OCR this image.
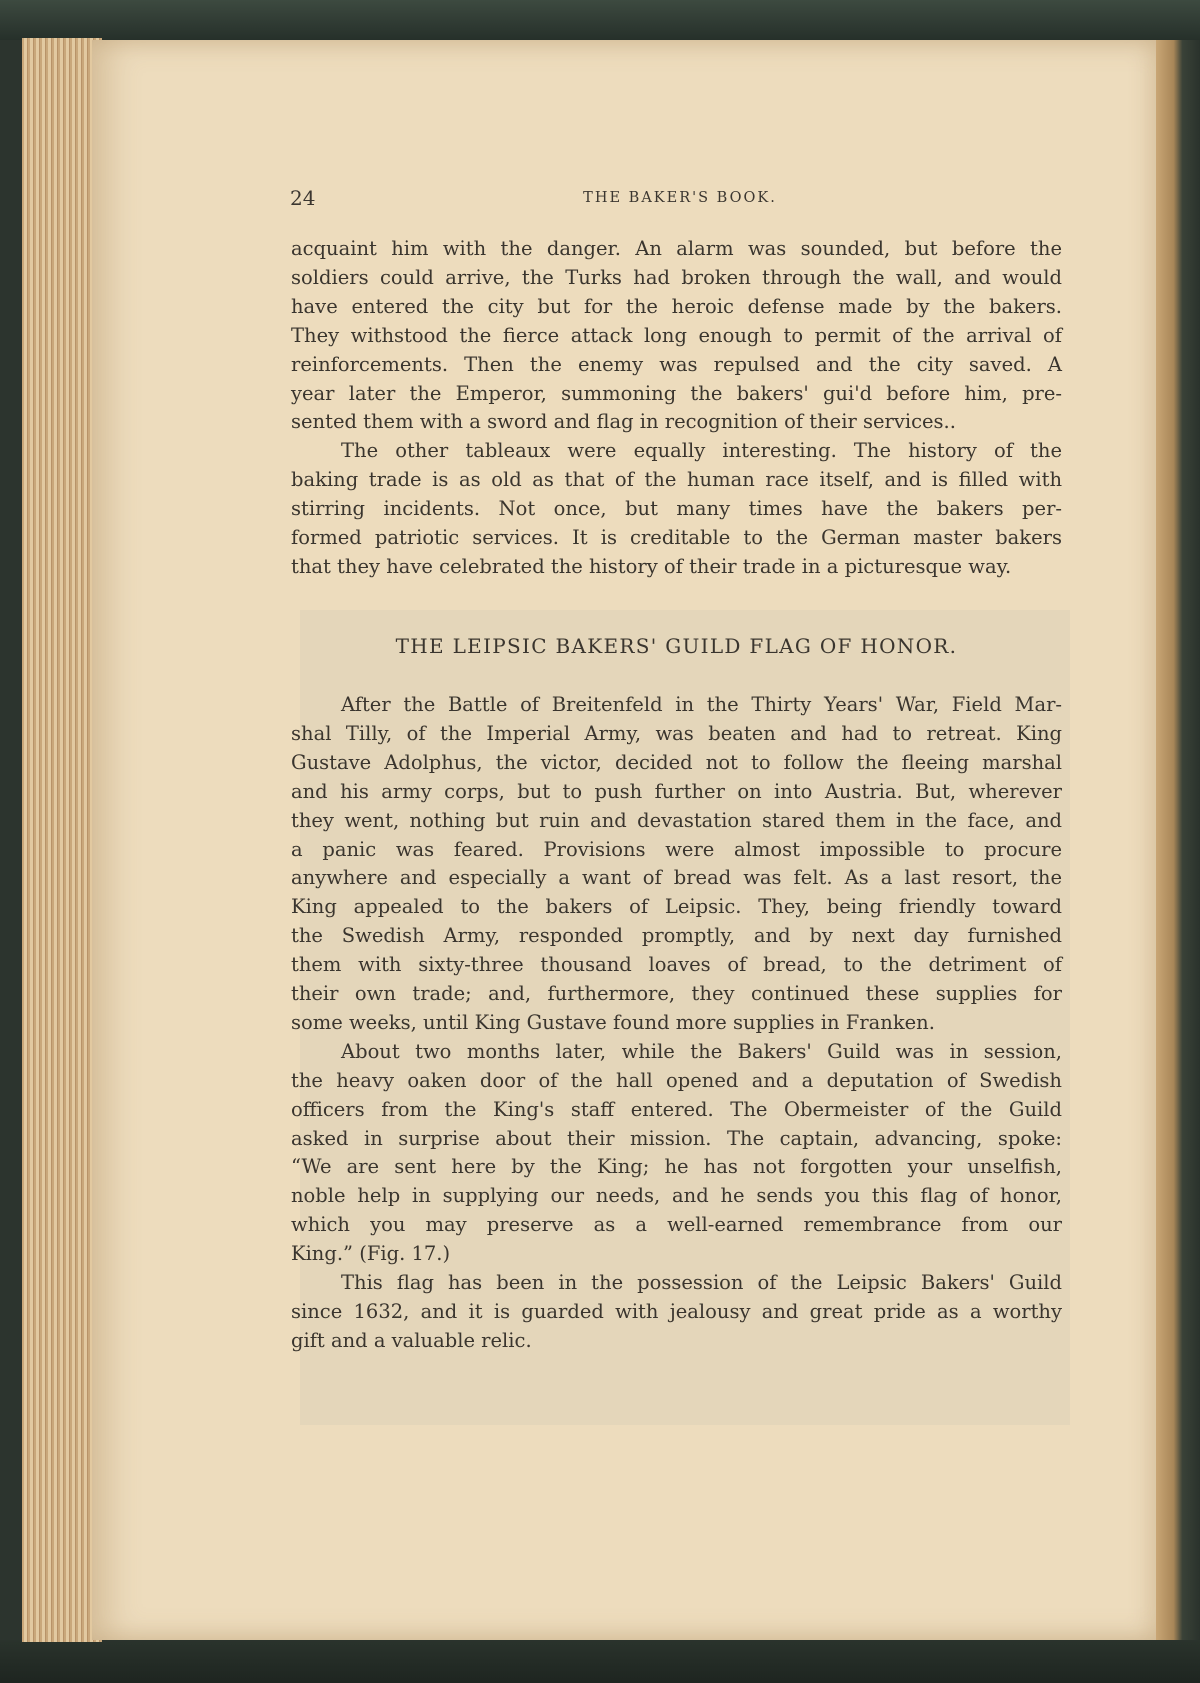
24	THE BAKER'S BOOK.
THE LEIPSIC BAKERS' GUILD FLAG OF HONOR.
acquaint him with the danger. An alarm was sounded, but before the
soldiers could arrive, the Turks had broken through the wall, and would
have entered the city but for the heroic defense made by the bakers.
They withstood the fierce attack long enough to permit of the arrival of
reinforcements. Then the enemy was repulsed and the city saved. A
year later the Emperor, summoning the bakers' gui'd before him, pre-
sented them with a sword and flag in recognition of their services..
The other tableaux were equally interesting. The history of the
baking trade is as old as that of the human race itself, and is filled with
stirring incidents. Not once, but many times have the bakers per-
formed patriotic services. It is creditable to the German master bakers
that they have celebrated the history of their trade in a picturesque way.
After the Battle of Breitenfeld in the Thirty Years' War, Field Mar-
shal Tilly, of the Imperial Army, was beaten and had to retreat. King
Gustave Adolphus, the victor, decided not to follow the fleeing marshal
and his army corps, but to push further on into Austria. But, wherever
they went, nothing but ruin and devastation stared them in the face, and
a panic was feared. Provisions were almost impossible to procure
anywhere and especially a want of bread was felt. As a last resort, the
King appealed to the bakers of Leipsic. They, being friendly toward
the Swedish Army, responded promptly, and by next day furnished
them with sixty-three thousand loaves of bread, to the detriment of
their own trade; and, furthermore, they continued these supplies for
some weeks, until King Gustave found more supplies in Franken.
About two months later, while the Bakers' Guild was in session,
the heavy oaken door of the hall opened and a deputation of Swedish
officers from the King's staff entered. The Obermeister of the Guild
asked in surprise about their mission. The captain, advancing, spoke:
“We are sent here by the King; he has not forgotten your unselfish,
noble help in supplying our needs, and he sends you this flag of honor,
which you may preserve as a well-earned remembrance from our
King.” (Fig. 17.)
This flag has been in the possession of the Leipsic Bakers' Guild
since 1632, and it is guarded with jealousy and great pride as a worthy
gift and a valuable relic.
